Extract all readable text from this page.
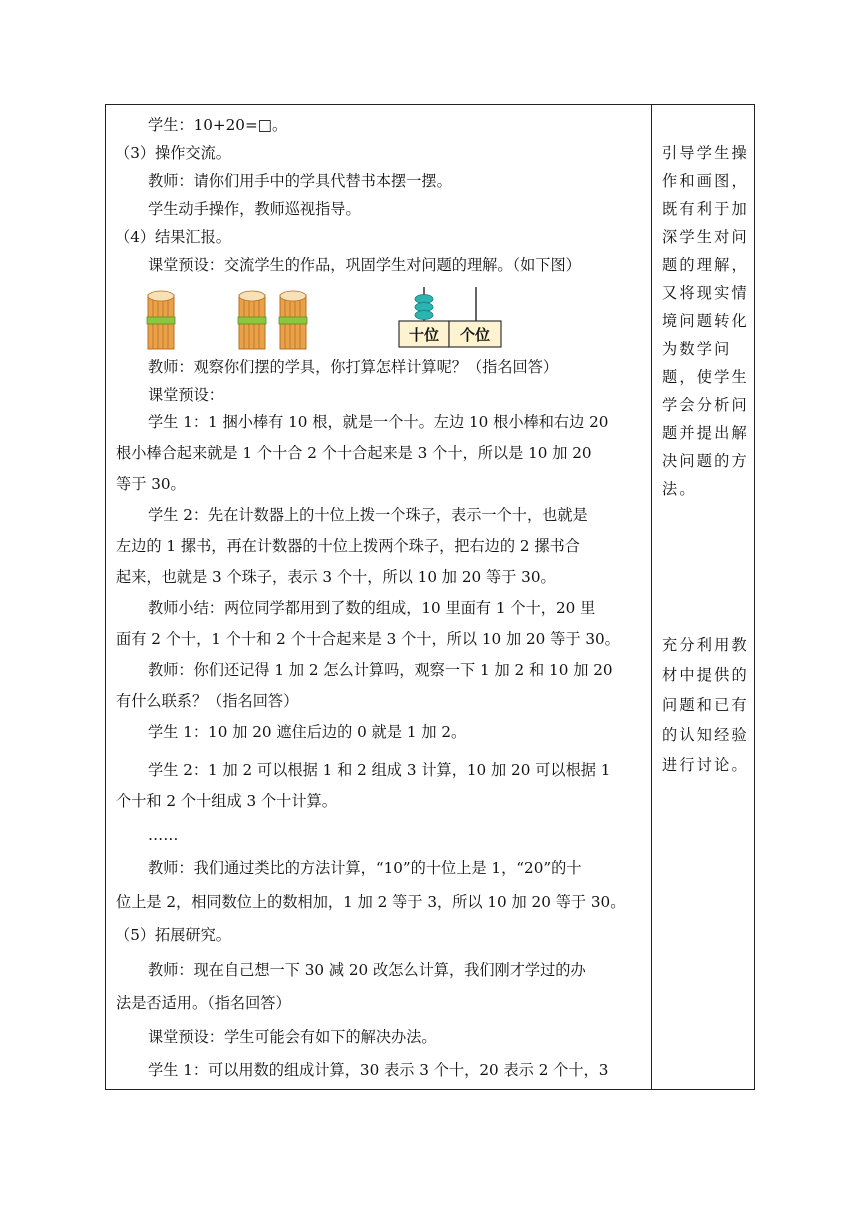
学生：10+20=□。
（3）操作交流。
教师：请你们用手中的学具代替书本摆一摆。
学生动手操作，教师巡视指导。
（4）结果汇报。
课堂预设：交流学生的作品，巩固学生对问题的理解。（如下图）
十位 个位
教师：观察你们摆的学具，你打算怎样计算呢？（指名回答）
课堂预设：
学生 1：1 捆小棒有 10 根，就是一个十。左边 10 根小棒和右边 20
根小棒合起来就是 1 个十合 2 个十合起来是 3 个十，所以是 10 加 20
等于 30。
学生 2：先在计数器上的十位上拨一个珠子，表示一个十，也就是
左边的 1 摞书，再在计数器的十位上拨两个珠子，把右边的 2 摞书合
起来，也就是 3 个珠子，表示 3 个十，所以 10 加 20 等于 30。
教师小结：两位同学都用到了数的组成，10 里面有 1 个十，20 里
面有 2 个十，1 个十和 2 个十合起来是 3 个十，所以 10 加 20 等于 30。
教师：你们还记得 1 加 2 怎么计算吗，观察一下 1 加 2 和 10 加 20
有什么联系？（指名回答）
学生 1：10 加 20 遮住后边的 0 就是 1 加 2。
学生 2：1 加 2 可以根据 1 和 2 组成 3 计算，10 加 20 可以根据 1
个十和 2 个十组成 3 个十计算。
……
教师：我们通过类比的方法计算，“10”的十位上是 1，“20”的十
位上是 2，相同数位上的数相加，1 加 2 等于 3，所以 10 加 20 等于 30。
（5）拓展研究。
教师：现在自己想一下 30 减 20 改怎么计算，我们刚才学过的办
法是否适用。（指名回答）
课堂预设：学生可能会有如下的解决办法。
学生 1：可以用数的组成计算，30 表示 3 个十，20 表示 2 个十，3
引导学生操
作和画图，
既有利于加
深学生对问
题的理解，
又将现实情
境问题转化
为数学问
题，使学生
学会分析问
题并提出解
决问题的方
法。
充分利用教
材中提供的
问题和已有
的认知经验
进行讨论。
